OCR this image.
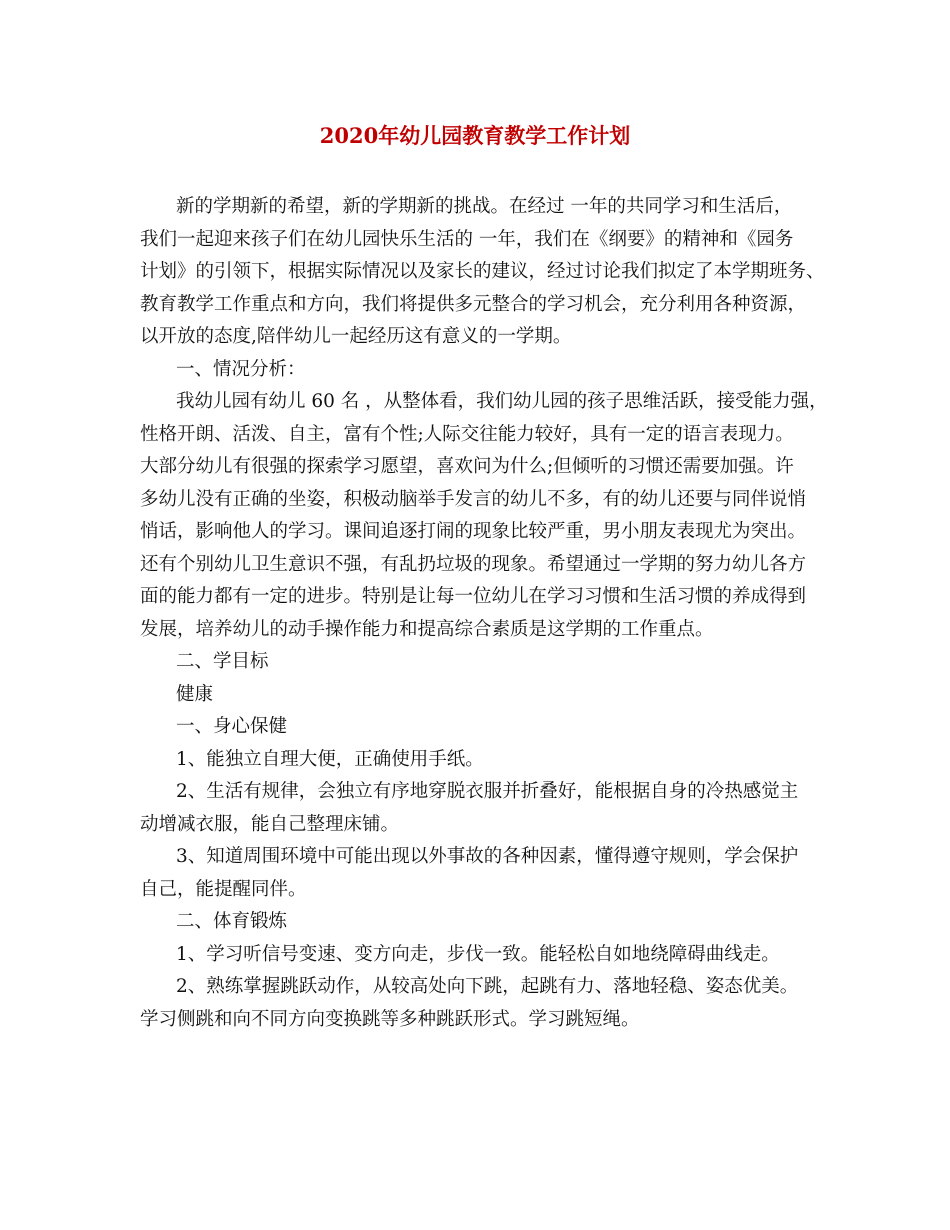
2020年幼儿园教育教学工作计划
新的学期新的希望，新的学期新的挑战。在经过 一年的共同学习和生活后，
我们一起迎来孩子们在幼儿园快乐生活的 一年，我们在《纲要》的精神和《园务
计划》的引领下，根据实际情况以及家长的建议，经过讨论我们拟定了本学期班务、
教育教学工作重点和方向，我们将提供多元整合的学习机会，充分利用各种资源，
以开放的态度,陪伴幼儿一起经历这有意义的一学期。
一、情况分析：
我幼儿园有幼儿 60 名 ，从整体看，我们幼儿园的孩子思维活跃，接受能力强，
性格开朗、活泼、自主，富有个性;人际交往能力较好，具有一定的语言表现力。
大部分幼儿有很强的探索学习愿望，喜欢问为什么;但倾听的习惯还需要加强。许
多幼儿没有正确的坐姿，积极动脑举手发言的幼儿不多，有的幼儿还要与同伴说悄
悄话，影响他人的学习。课间追逐打闹的现象比较严重，男小朋友表现尤为突出。
还有个别幼儿卫生意识不强，有乱扔垃圾的现象。希望通过一学期的努力幼儿各方
面的能力都有一定的进步。特别是让每一位幼儿在学习习惯和生活习惯的养成得到
发展，培养幼儿的动手操作能力和提高综合素质是这学期的工作重点。
二、学目标
健康
一、身心保健
1、能独立自理大便，正确使用手纸。
2、生活有规律，会独立有序地穿脱衣服并折叠好，能根据自身的冷热感觉主
动增减衣服，能自己整理床铺。
3、知道周围环境中可能出现以外事故的各种因素，懂得遵守规则，学会保护
自己，能提醒同伴。
二、体育锻炼
1、学习听信号变速、变方向走，步伐一致。能轻松自如地绕障碍曲线走。
2、熟练掌握跳跃动作，从较高处向下跳，起跳有力、落地轻稳、姿态优美。
学习侧跳和向不同方向变换跳等多种跳跃形式。学习跳短绳。
